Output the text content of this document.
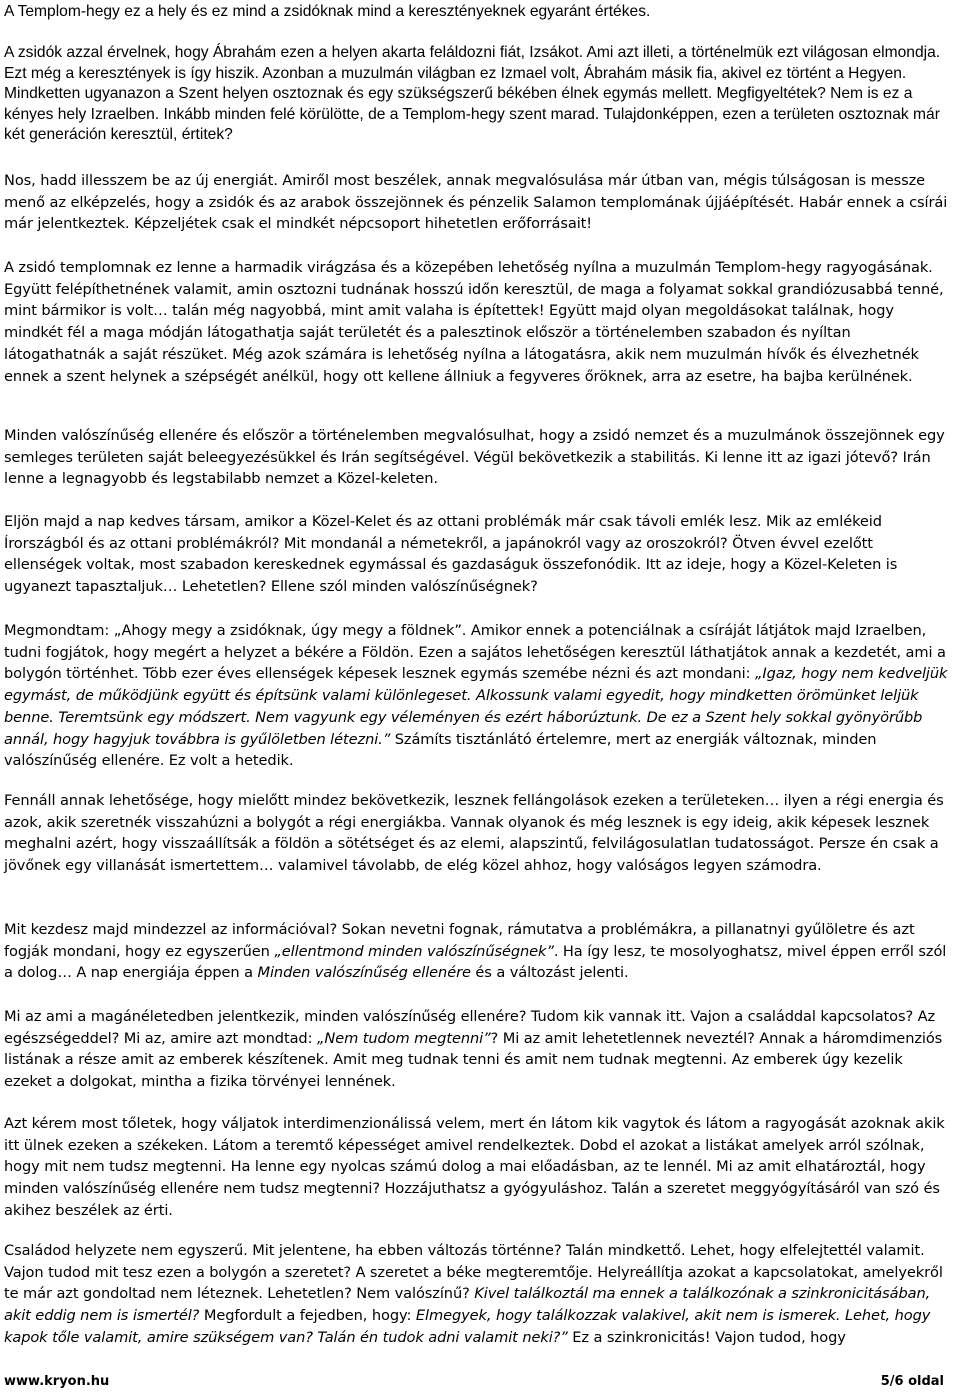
A Templom-hegy ez a hely és ez mind a zsidóknak mind a keresztényeknek egyaránt értékes.
A zsidók azzal érvelnek, hogy Ábrahám ezen a helyen akarta feláldozni fiát, Izsákot. Ami azt illeti, a történelmük ezt világosan elmondja. Ezt még a keresztények is így hiszik. Azonban a muzulmán világban ez Izmael volt, Ábrahám másik fia, akivel ez történt a Hegyen. Mindketten ugyanazon a Szent helyen osztoznak és egy szükségszerű békében élnek egymás mellett. Megfigyeltétek? Nem is ez a kényes hely Izraelben. Inkább minden felé körülötte, de a Templom-hegy szent marad. Tulajdonképpen, ezen a területen osztoznak már két generáción keresztül, értitek?
Nos, hadd illesszem be az új energiát. Amiről most beszélek, annak megvalósulása már útban van, mégis túlságosan is messze menő az elképzelés, hogy a zsidók és az arabok összejönnek és pénzelik Salamon templomának újjáépítését. Habár ennek a csírái már jelentkeztek. Képzeljétek csak el mindkét népcsoport hihetetlen erőforrásait!
A zsidó templomnak ez lenne a harmadik virágzása és a közepében lehetőség nyílna a muzulmán Templom-hegy ragyogásának. Együtt felépíthetnének valamit, amin osztozni tudnának hosszú időn keresztül, de maga a folyamat sokkal grandiózusabbá tenné, mint bármikor is volt… talán még nagyobbá, mint amit valaha is építettek! Együtt majd olyan megoldásokat találnak, hogy mindkét fél a maga módján látogathatja saját területét és a palesztinok először a történelemben szabadon és nyíltan látogathatnák a saját részüket. Még azok számára is lehetőség nyílna a látogatásra, akik nem muzulmán hívők és élvezhetnék ennek a szent helynek a szépségét anélkül, hogy ott kellene állniuk a fegyveres őröknek, arra az esetre, ha bajba kerülnének.
Minden valószínűség ellenére és először a történelemben megvalósulhat, hogy a zsidó nemzet és a muzulmánok összejönnek egy semleges területen saját beleegyezésükkel és Irán segítségével. Végül bekövetkezik a stabilitás. Ki lenne itt az igazi jótevő? Irán lenne a legnagyobb és legstabilabb nemzet a Közel-keleten.
Eljön majd a nap kedves társam, amikor a Közel-Kelet és az ottani problémák már csak távoli emlék lesz. Mik az emlékeid Írországból és az ottani problémákról? Mit mondanál a németekről, a japánokról vagy az oroszokról? Ötven évvel ezelőtt ellenségek voltak, most szabadon kereskednek egymással és gazdaságuk összefonódik. Itt az ideje, hogy a Közel-Keleten is ugyanezt tapasztaljuk… Lehetetlen? Ellene szól minden valószínűségnek?
Megmondtam: „Ahogy megy a zsidóknak, úgy megy a földnek”. Amikor ennek a potenciálnak a csíráját látjátok majd Izraelben, tudni fogjátok, hogy megért a helyzet a békére a Földön. Ezen a sajátos lehetőségen keresztül láthatjátok annak a kezdetét, ami a bolygón történhet. Több ezer éves ellenségek képesek lesznek egymás szemébe nézni és azt mondani: „Igaz, hogy nem kedveljük egymást, de működjünk együtt és építsünk valami különlegeset. Alkossunk valami egyedit, hogy mindketten örömünket leljük benne. Teremtsünk egy módszert. Nem vagyunk egy véleményen és ezért háborúztunk. De ez a Szent hely sokkal gyönyörűbb annál, hogy hagyjuk továbbra is gyűlöletben létezni.” Számíts tisztánlátó értelemre, mert az energiák változnak, minden valószínűség ellenére. Ez volt a hetedik.
Fennáll annak lehetősége, hogy mielőtt mindez bekövetkezik, lesznek fellángolások ezeken a területeken… ilyen a régi energia és azok, akik szeretnék visszahúzni a bolygót a régi energiákba. Vannak olyanok és még lesznek is egy ideig, akik képesek lesznek meghalni azért, hogy visszaállítsák a földön a sötétséget és az elemi, alapszintű, felvilágosulatlan tudatosságot. Persze én csak a jövőnek egy villanását ismertettem… valamivel távolabb, de elég közel ahhoz, hogy valóságos legyen számodra.
Mit kezdesz majd mindezzel az információval? Sokan nevetni fognak, rámutatva a problémákra, a pillanatnyi gyűlöletre és azt fogják mondani, hogy ez egyszerűen „ellentmond minden valószínűségnek”. Ha így lesz, te mosolyoghatsz, mivel éppen erről szól a dolog… A nap energiája éppen a Minden valószínűség ellenére és a változást jelenti.
Mi az ami a magánéletedben jelentkezik, minden valószínűség ellenére? Tudom kik vannak itt. Vajon a családdal kapcsolatos? Az egészségeddel? Mi az, amire azt mondtad: „Nem tudom megtenni”? Mi az amit lehetetlennek neveztél? Annak a háromdimenziós listának a része amit az emberek készítenek. Amit meg tudnak tenni és amit nem tudnak megtenni. Az emberek úgy kezelik ezeket a dolgokat, mintha a fizika törvényei lennének.
Azt kérem most tőletek, hogy váljatok interdimenzionálissá velem, mert én látom kik vagytok és látom a ragyogását azoknak akik itt ülnek ezeken a székeken. Látom a teremtő képességet amivel rendelkeztek. Dobd el azokat a listákat amelyek arról szólnak, hogy mit nem tudsz megtenni. Ha lenne egy nyolcas számú dolog a mai előadásban, az te lennél. Mi az amit elhatároztál, hogy minden valószínűség ellenére nem tudsz megtenni? Hozzájuthatsz a gyógyuláshoz. Talán a szeretet meggyógyításáról van szó és akihez beszélek az érti.
Családod helyzete nem egyszerű. Mit jelentene, ha ebben változás történne? Talán mindkettő. Lehet, hogy elfelejtettél valamit. Vajon tudod mit tesz ezen a bolygón a szeretet? A szeretet a béke megteremtője. Helyreállítja azokat a kapcsolatokat, amelyekről te már azt gondoltad nem léteznek. Lehetetlen? Nem valószínű? Kivel találkoztál ma ennek a találkozónak a szinkronicitásában, akit eddig nem is ismertél? Megfordult a fejedben, hogy: Elmegyek, hogy találkozzak valakivel, akit nem is ismerek. Lehet, hogy kapok tőle valamit, amire szükségem van? Talán én tudok adni valamit neki?” Ez a szinkronicitás! Vajon tudod, hogy
www.kryon.hu	5/6 oldal
